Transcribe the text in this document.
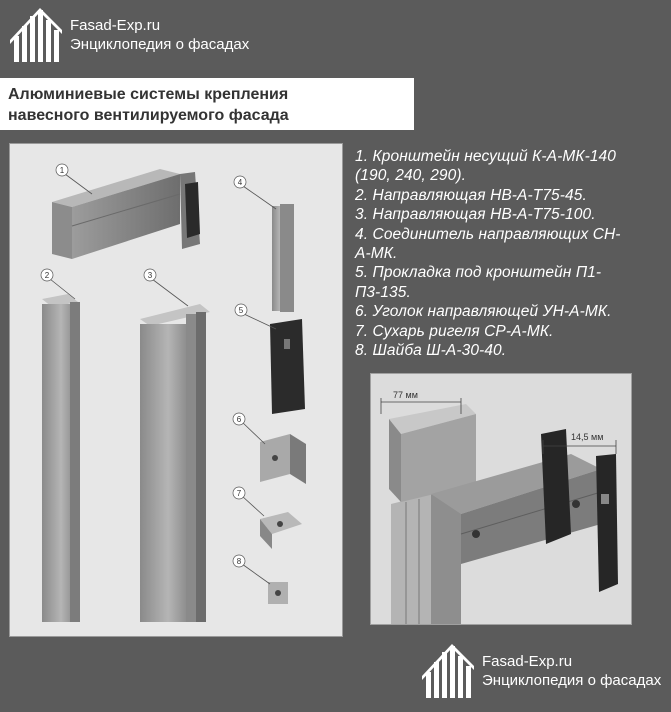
Fasad-Exp.ru
Энциклопедия о фасадах
Алюминиевые системы крепления
навесного вентилируемого фасада
1
2	3
4
5
6
7
8
1. Кронштейн несущий К-А-МК-140
(190, 240, 290).
2. Направляющая НВ-А-Т75-45.
3. Направляющая НВ-А-Т75-100.
4. Соединитель направляющих СН-
А-МК.
5. Прокладка под кронштейн П1-
П3-135.
6. Уголок направляющей УН-А-МК.
7. Сухарь ригеля СР-А-МК.
8. Шайба Ш-А-30-40.
77 мм
14,5 мм
Fasad-Exp.ru
Энциклопедия о фасадах
